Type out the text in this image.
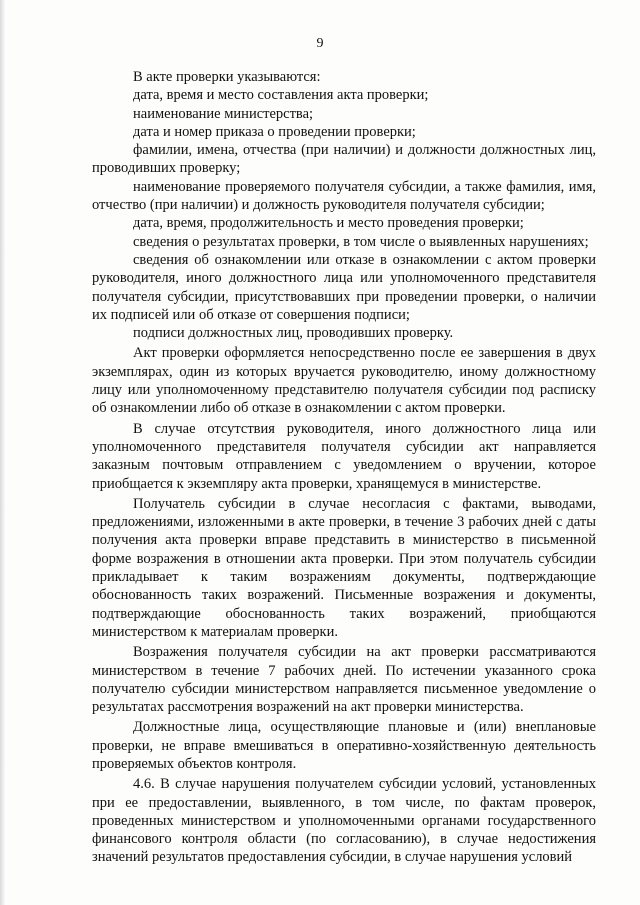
9

В акте проверки указываются:

дата, время и место составления акта проверки;

наименование министерства;

дата и номер приказа о проведении проверки;

фамилии, имена, отчества (при наличии) и должности должностных лиц, проводивших проверку;

наименование проверяемого получателя субсидии, а также фамилия, имя, отчество (при наличии) и должность руководителя получателя субсидии;

дата, время, продолжительность и место проведения проверки;

сведения о результатах проверки, в том числе о выявленных нарушениях;

сведения об ознакомлении или отказе в ознакомлении с актом проверки руководителя, иного должностного лица или уполномоченного представителя получателя субсидии, присутствовавших при проведении проверки, о наличии их подписей или об отказе от совершения подписи;

подписи должностных лиц, проводивших проверку.

Акт проверки оформляется непосредственно после ее завершения в двух экземплярах, один из которых вручается руководителю, иному должностному лицу или уполномоченному представителю получателя субсидии под расписку об ознакомлении либо об отказе в ознакомлении с актом проверки.

В случае отсутствия руководителя, иного должностного лица или уполномоченного представителя получателя субсидии акт направляется заказным почтовым отправлением с уведомлением о вручении, которое приобщается к экземпляру акта проверки, хранящемуся в министерстве.

Получатель субсидии в случае несогласия с фактами, выводами, предложениями, изложенными в акте проверки, в течение 3 рабочих дней с даты получения акта проверки вправе представить в министерство в письменной форме возражения в отношении акта проверки. При этом получатель субсидии прикладывает к таким возражениям документы, подтверждающие обоснованность таких возражений. Письменные возражения и документы, подтверждающие обоснованность таких возражений, приобщаются министерством к материалам проверки.

Возражения получателя субсидии на акт проверки рассматриваются министерством в течение 7 рабочих дней. По истечении указанного срока получателю субсидии министерством направляется письменное уведомление о результатах рассмотрения возражений на акт проверки министерства.

Должностные лица, осуществляющие плановые и (или) внеплановые проверки, не вправе вмешиваться в оперативно-хозяйственную деятельность проверяемых объектов контроля.

4.6. В случае нарушения получателем субсидии условий, установленных при ее предоставлении, выявленного, в том числе, по фактам проверок, проведенных министерством и уполномоченными органами государственного финансового контроля области (по согласованию), в случае недостижения значений результатов предоставления субсидии, в случае нарушения условий
